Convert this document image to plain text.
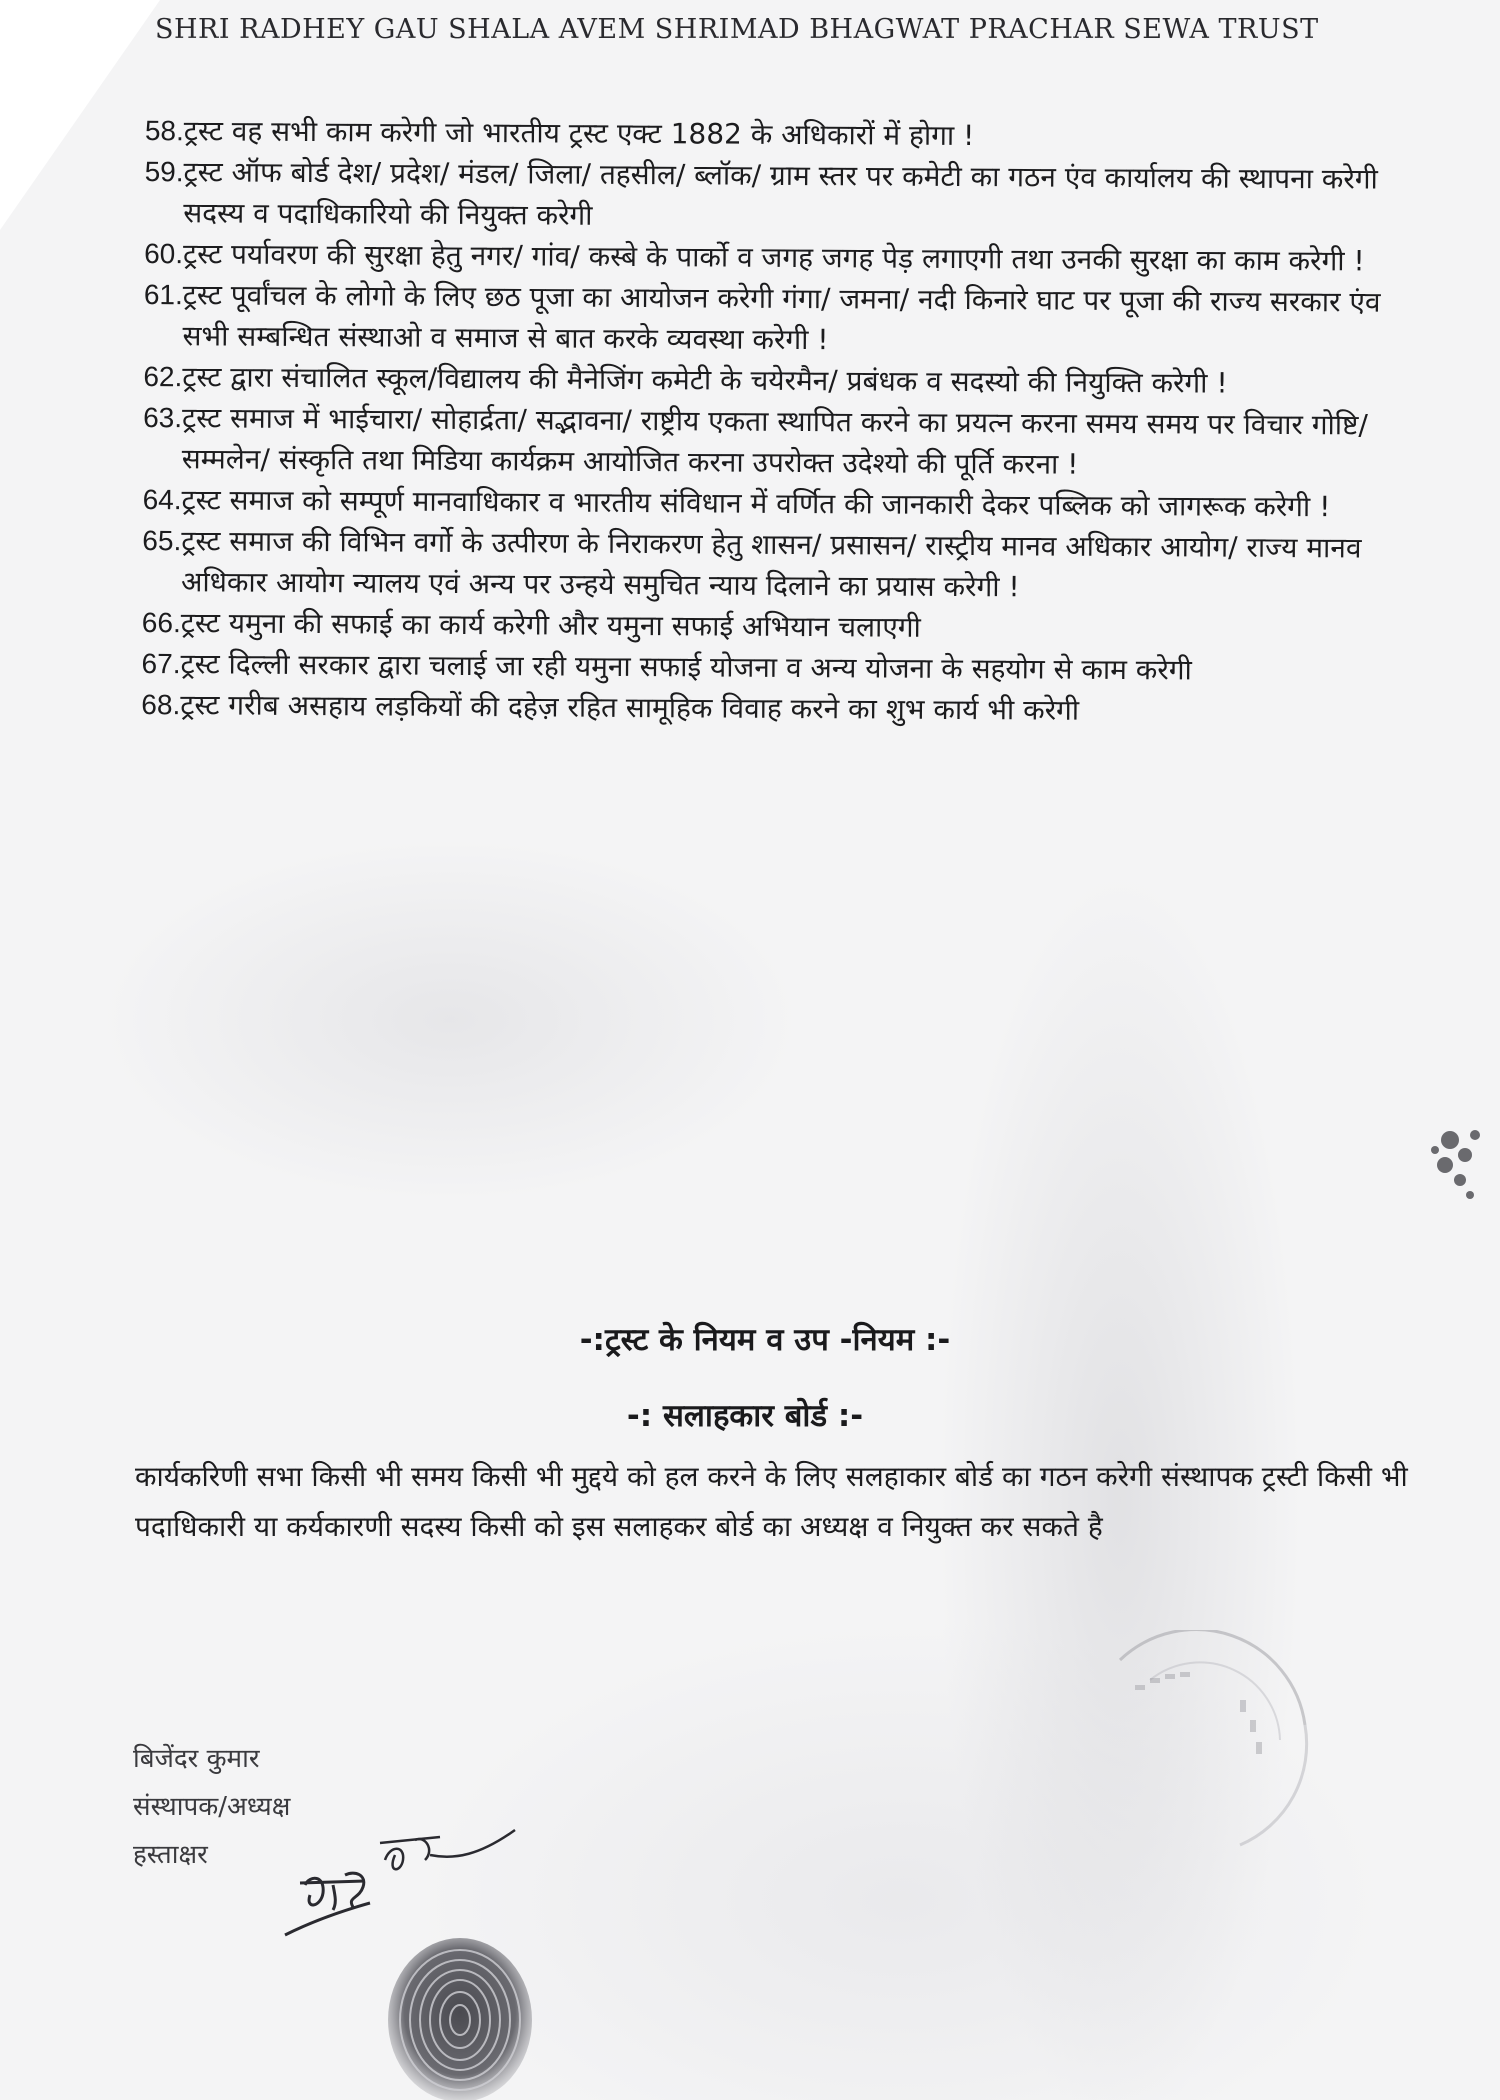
SHRI RADHEY GAU SHALA AVEM SHRIMAD BHAGWAT PRACHAR SEWA TRUST
58. ट्रस्ट वह सभी काम करेगी जो भारतीय ट्रस्ट एक्ट 1882 के अधिकारों में होगा !
59. ट्रस्ट ऑफ बोर्ड देश/ प्रदेश/ मंडल/ जिला/ तहसील/ ब्लॉक/ ग्राम स्तर पर कमेटी का गठन एंव कार्यालय की स्थापना करेगी सदस्य व पदाधिकारियो की नियुक्त करेगी
60. ट्रस्ट पर्यावरण की सुरक्षा हेतु नगर/ गांव/ कस्बे के पार्को व जगह जगह पेड़ लगाएगी तथा उनकी सुरक्षा का काम करेगी !
61. ट्रस्ट पूर्वांचल के लोगो के लिए छठ पूजा का आयोजन करेगी गंगा/ जमना/ नदी किनारे घाट पर पूजा की राज्य सरकार एंव सभी सम्बन्धित संस्थाओ व समाज से बात करके व्यवस्था करेगी !
62. ट्रस्ट द्वारा संचालित स्कूल/विद्यालय की मैनेजिंग कमेटी के चयेरमैन/ प्रबंधक व सदस्यो की नियुक्ति करेगी !
63. ट्रस्ट समाज में भाईचारा/ सोहार्द्रता/ सद्भावना/ राष्ट्रीय एकता स्थापित करने का प्रयत्न करना समय समय पर विचार गोष्टि/ सम्मलेन/ संस्कृति तथा मिडिया कार्यक्रम आयोजित करना उपरोक्त उदेश्यो की पूर्ति करना !
64. ट्रस्ट समाज को सम्पूर्ण मानवाधिकार व भारतीय संविधान में वर्णित की जानकारी देकर पब्लिक को जागरूक करेगी !
65. ट्रस्ट समाज की विभिन वर्गो के उत्पीरण के निराकरण हेतु शासन/ प्रसासन/ रास्ट्रीय मानव अधिकार आयोग/ राज्य मानव अधिकार आयोग न्यालय एवं अन्य पर उन्हये समुचित न्याय दिलाने का प्रयास करेगी !
66. ट्रस्ट यमुना की सफाई का कार्य करेगी और यमुना सफाई अभियान चलाएगी
67. ट्रस्ट दिल्ली सरकार द्वारा चलाई जा रही यमुना सफाई योजना व अन्य योजना के सहयोग से काम करेगी
68. ट्रस्ट गरीब असहाय लड़कियों की दहेज़ रहित सामूहिक विवाह करने का शुभ कार्य भी करेगी
-:ट्रस्ट के नियम व उप -नियम :-
-: सलाहकार बोर्ड :-

कार्यकरिणी सभा किसी भी समय किसी भी मुद्दये को हल करने के लिए सलहाकार बोर्ड का गठन करेगी संस्थापक ट्रस्टी किसी भी पदाधिकारी या कर्यकारणी सदस्य किसी को इस सलाहकर बोर्ड का अध्यक्ष व नियुक्त कर सकते है

बिजेंदर कुमार
संस्थापक/अध्यक्ष
हस्ताक्षर
